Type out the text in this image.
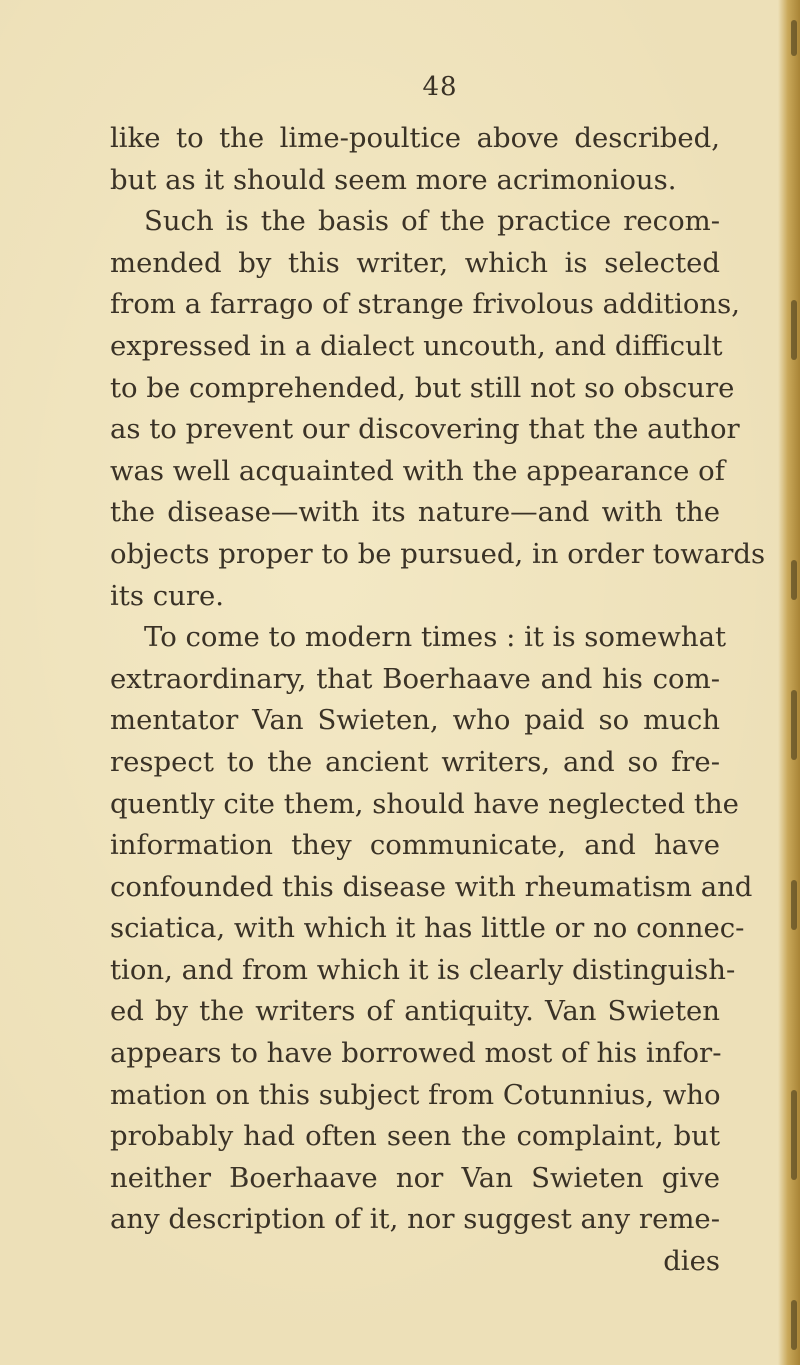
48
like to the lime-poultice above described,
but as it should seem more acrimonious.
Such is the basis of the practice recom-
mended by this writer, which is selected
from a farrago of strange frivolous additions,
expressed in a dialect uncouth, and difficult
to be comprehended, but still not so obscure
as to prevent our discovering that the author
was well acquainted with the appearance of
the disease—with its nature—and with the
objects proper to be pursued, in order towards
its cure.
To come to modern times : it is somewhat
extraordinary, that Boerhaave and his com-
mentator Van Swieten, who paid so much
respect to the ancient writers, and so fre-
quently cite them, should have neglected the
information they communicate, and have
confounded this disease with rheumatism and
sciatica, with which it has little or no connec-
tion, and from which it is clearly distinguish-
ed by the writers of antiquity. Van Swieten
appears to have borrowed most of his infor-
mation on this subject from Cotunnius, who
probably had often seen the complaint, but
neither Boerhaave nor Van Swieten give
any description of it, nor suggest any reme-
dies
